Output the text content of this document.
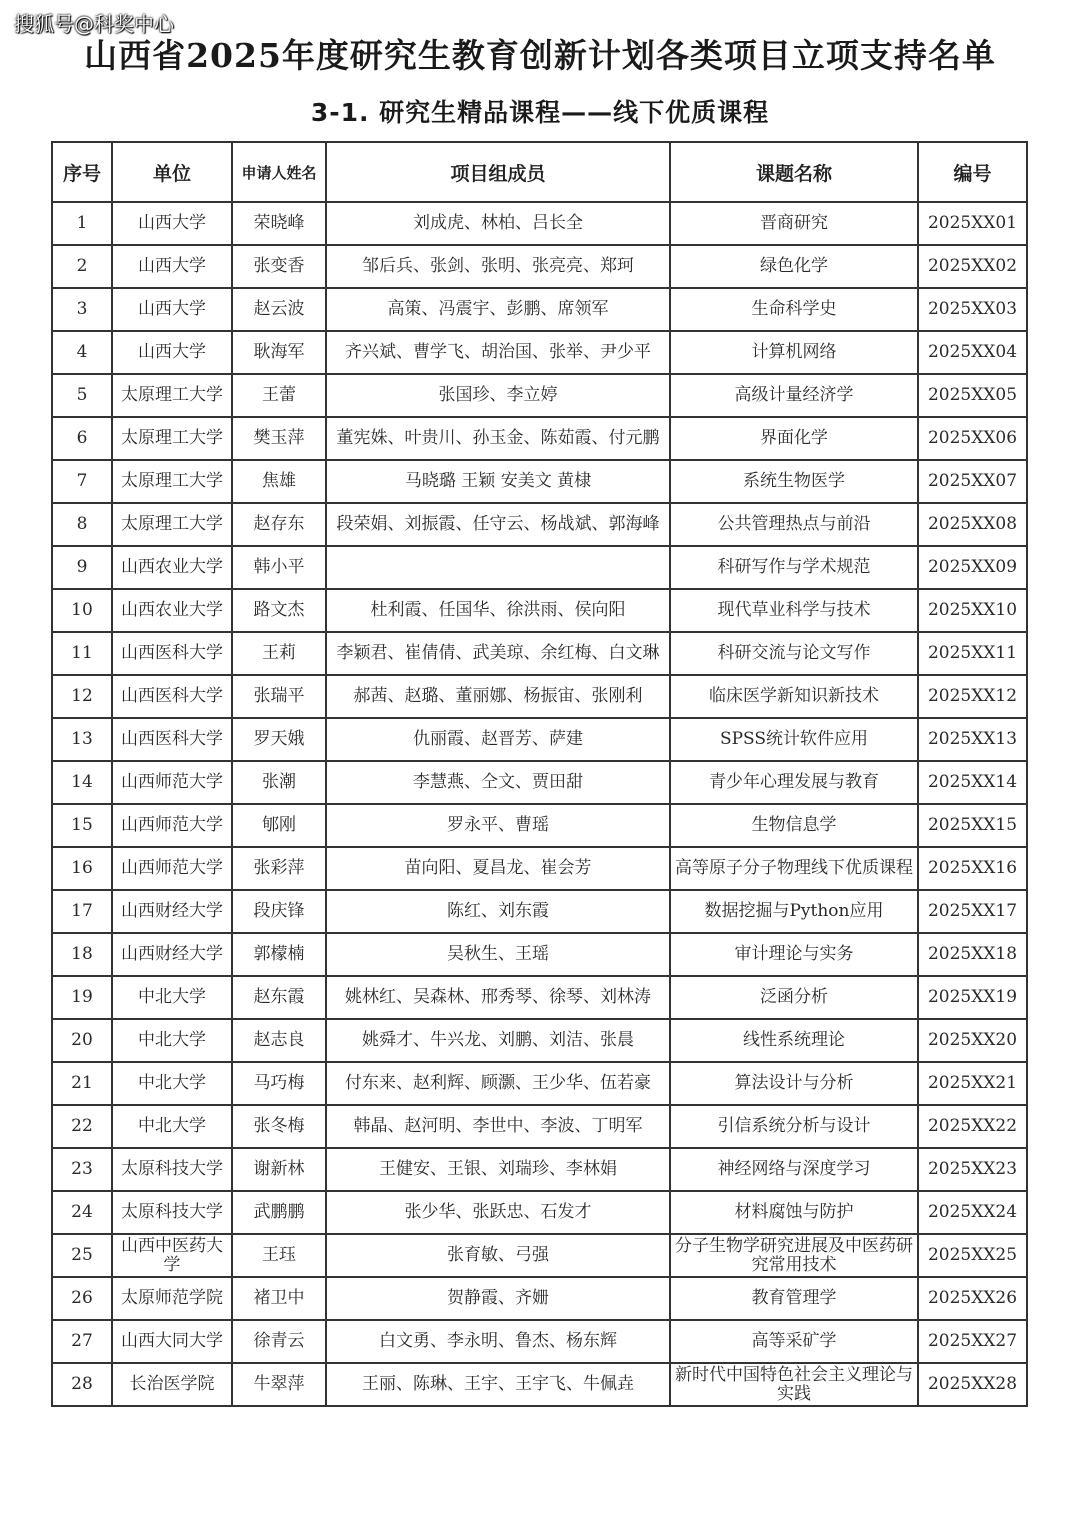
搜狐号@科奖中心
山西省2025年度研究生教育创新计划各类项目立项支持名单
3-1. 研究生精品课程——线下优质课程
序号	单位	申请人姓名	项目组成员	课题名称	编号
1	山西大学	荣晓峰	刘成虎、林柏、吕长全	晋商研究	2025XX01
2	山西大学	张变香	邹后兵、张剑、张明、张亮亮、郑珂	绿色化学	2025XX02
3	山西大学	赵云波	高策、冯震宇、彭鹏、席领军	生命科学史	2025XX03
4	山西大学	耿海军	齐兴斌、曹学飞、胡治国、张举、尹少平	计算机网络	2025XX04
5	太原理工大学	王蕾	张国珍、李立婷	高级计量经济学	2025XX05
6	太原理工大学	樊玉萍	董宪姝、叶贵川、孙玉金、陈茹霞、付元鹏	界面化学	2025XX06
7	太原理工大学	焦雄	马晓璐 王颖 安美文 黄棣	系统生物医学	2025XX07
8	太原理工大学	赵存东	段荣娟、刘振霞、任守云、杨战斌、郭海峰	公共管理热点与前沿	2025XX08
9	山西农业大学	韩小平		科研写作与学术规范	2025XX09
10	山西农业大学	路文杰	杜利霞、任国华、徐洪雨、侯向阳	现代草业科学与技术	2025XX10
11	山西医科大学	王莉	李颖君、崔倩倩、武美琼、余红梅、白文琳	科研交流与论文写作	2025XX11
12	山西医科大学	张瑞平	郝茜、赵璐、董丽娜、杨振宙、张刚利	临床医学新知识新技术	2025XX12
13	山西医科大学	罗天娥	仇丽霞、赵晋芳、萨建	SPSS统计软件应用	2025XX13
14	山西师范大学	张潮	李慧燕、仝文、贾田甜	青少年心理发展与教育	2025XX14
15	山西师范大学	郇刚	罗永平、曹瑶	生物信息学	2025XX15
16	山西师范大学	张彩萍	苗向阳、夏昌龙、崔会芳	高等原子分子物理线下优质课程	2025XX16
17	山西财经大学	段庆锋	陈红、刘东霞	数据挖掘与Python应用	2025XX17
18	山西财经大学	郭檬楠	吴秋生、王瑶	审计理论与实务	2025XX18
19	中北大学	赵东霞	姚林红、吴森林、邢秀琴、徐琴、刘林涛	泛函分析	2025XX19
20	中北大学	赵志良	姚舜才、牛兴龙、刘鹏、刘洁、张晨	线性系统理论	2025XX20
21	中北大学	马巧梅	付东来、赵利辉、顾灏、王少华、伍若豪	算法设计与分析	2025XX21
22	中北大学	张冬梅	韩晶、赵河明、李世中、李波、丁明军	引信系统分析与设计	2025XX22
23	太原科技大学	谢新林	王健安、王银、刘瑞珍、李林娟	神经网络与深度学习	2025XX23
24	太原科技大学	武鹏鹏	张少华、张跃忠、石发才	材料腐蚀与防护	2025XX24
25	山西中医药大学	王珏	张育敏、弓强	分子生物学研究进展及中医药研究常用技术	2025XX25
26	太原师范学院	褚卫中	贺静霞、齐姗	教育管理学	2025XX26
27	山西大同大学	徐青云	白文勇、李永明、鲁杰、杨东辉	高等采矿学	2025XX27
28	长治医学院	牛翠萍	王丽、陈琳、王宇、王宇飞、牛佩垚	新时代中国特色社会主义理论与实践	2025XX28
